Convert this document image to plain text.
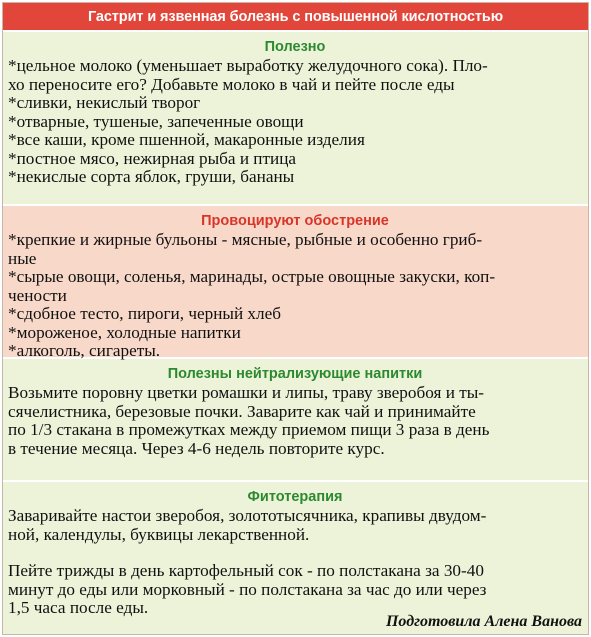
Гастрит и язвенная болезнь с повышенной кислотностью
Полезно
*цельное молоко (уменьшает выработку желудочного сока). Пло-
хо переносите его? Добавьте молоко в чай и пейте после еды
*сливки, некислый творог
*отварные, тушеные, запеченные овощи
*все каши, кроме пшенной, макаронные изделия
*постное мясо, нежирная рыба и птица
*некислые сорта яблок, груши, бананы
Провоцируют обострение
*крепкие и жирные бульоны - мясные, рыбные и особенно гриб-
ные
*сырые овощи, соленья, маринады, острые овощные закуски, коп-
чености
*сдобное тесто, пироги, черный хлеб
*мороженое, холодные напитки
*алкоголь, сигареты.
Полезны нейтрализующие напитки
Возьмите поровну цветки ромашки и липы, траву зверобоя и ты-
сячелистника, березовые почки. Заварите как чай и принимайте
по 1/3 стакана в промежутках между приемом пищи 3 раза в день
в течение месяца. Через 4-6 недель повторите курс.
Фитотерапия
Заваривайте настои зверобоя, золототысячника, крапивы двудом-
ной, календулы, буквицы лекарственной.
Пейте трижды в день картофельный сок - по полстакана за 30-40
минут до еды или морковный - по полстакана за час до или через
1,5 часа после еды.
Подготовила Алена Ванова
